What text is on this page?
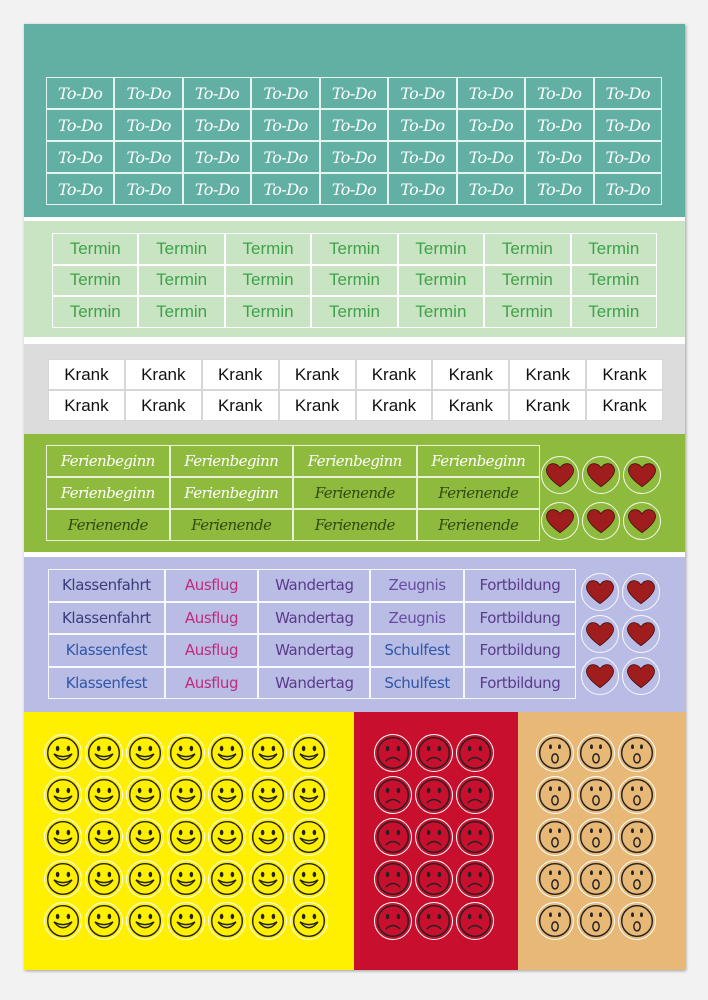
To-Do	To-Do	To-Do	To-Do	To-Do	To-Do	To-Do	To-Do	To-Do
To-Do	To-Do	To-Do	To-Do	To-Do	To-Do	To-Do	To-Do	To-Do
To-Do	To-Do	To-Do	To-Do	To-Do	To-Do	To-Do	To-Do	To-Do
To-Do	To-Do	To-Do	To-Do	To-Do	To-Do	To-Do	To-Do	To-Do
Termin	Termin	Termin	Termin	Termin	Termin	Termin
Termin	Termin	Termin	Termin	Termin	Termin	Termin
Termin	Termin	Termin	Termin	Termin	Termin	Termin
Krank	Krank	Krank	Krank	Krank	Krank	Krank	Krank
Krank	Krank	Krank	Krank	Krank	Krank	Krank	Krank
Ferienbeginn	Ferienbeginn	Ferienbeginn	Ferienbeginn
Ferienbeginn	Ferienbeginn	Ferienende	Ferienende
Ferienende	Ferienende	Ferienende	Ferienende
Klassenfahrt	Ausflug	Wandertag	Zeugnis	Fortbildung
Klassenfahrt	Ausflug	Wandertag	Zeugnis	Fortbildung
Klassenfest	Ausflug	Wandertag	Schulfest	Fortbildung
Klassenfest	Ausflug	Wandertag	Schulfest	Fortbildung
